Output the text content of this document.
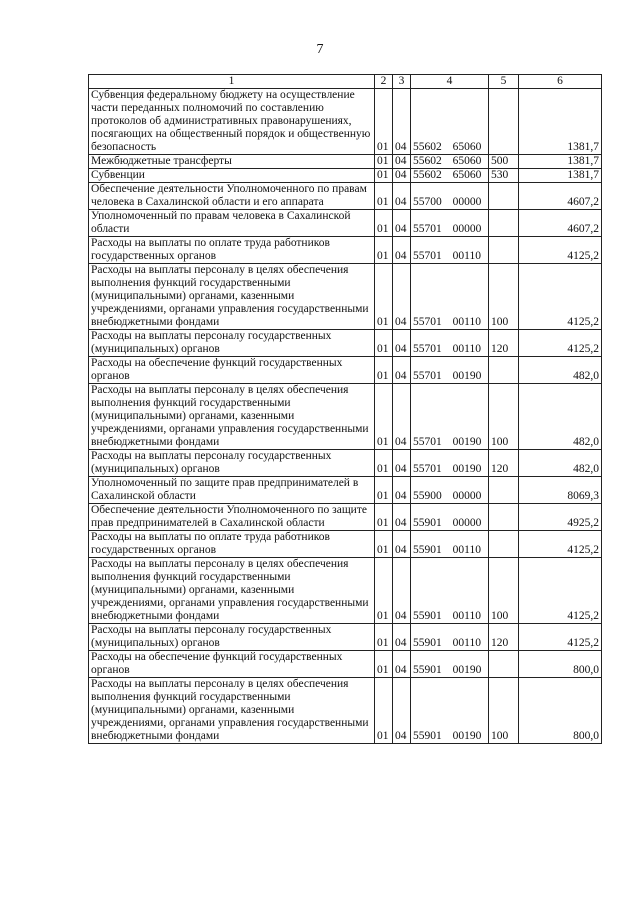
7
1	2	3	4	5	6
Субвенция федеральному бюджету на осуществление части переданных полномочий по составлению протоколов об административных правонарушениях, посягающих на общественный порядок и общественную безопасность	01	04	55602 65060		1381,7
Межбюджетные трансферты	01	04	55602 65060	500	1381,7
Субвенции	01	04	55602 65060	530	1381,7
Обеспечение деятельности Уполномоченного по правам человека в Сахалинской области и его аппарата	01	04	55700 00000		4607,2
Уполномоченный по правам человека в Сахалинской области	01	04	55701 00000		4607,2
Расходы на выплаты по оплате труда работников государственных органов	01	04	55701 00110		4125,2
Расходы на выплаты персоналу в целях обеспечения выполнения функций государственными (муниципальными) органами, казенными учреждениями, органами управления государственными внебюджетными фондами	01	04	55701 00110	100	4125,2
Расходы на выплаты персоналу государственных (муниципальных) органов	01	04	55701 00110	120	4125,2
Расходы на обеспечение функций государственных органов	01	04	55701 00190		482,0
Расходы на выплаты персоналу в целях обеспечения выполнения функций государственными (муниципальными) органами, казенными учреждениями, органами управления государственными внебюджетными фондами	01	04	55701 00190	100	482,0
Расходы на выплаты персоналу государственных (муниципальных) органов	01	04	55701 00190	120	482,0
Уполномоченный по защите прав предпринимателей в Сахалинской области	01	04	55900 00000		8069,3
Обеспечение деятельности Уполномоченного по защите прав предпринимателей в Сахалинской области	01	04	55901 00000		4925,2
Расходы на выплаты по оплате труда работников государственных органов	01	04	55901 00110		4125,2
Расходы на выплаты персоналу в целях обеспечения выполнения функций государственными (муниципальными) органами, казенными учреждениями, органами управления государственными внебюджетными фондами	01	04	55901 00110	100	4125,2
Расходы на выплаты персоналу государственных (муниципальных) органов	01	04	55901 00110	120	4125,2
Расходы на обеспечение функций государственных органов	01	04	55901 00190		800,0
Расходы на выплаты персоналу в целях обеспечения выполнения функций государственными (муниципальными) органами, казенными учреждениями, органами управления государственными внебюджетными фондами	01	04	55901 00190	100	800,0
